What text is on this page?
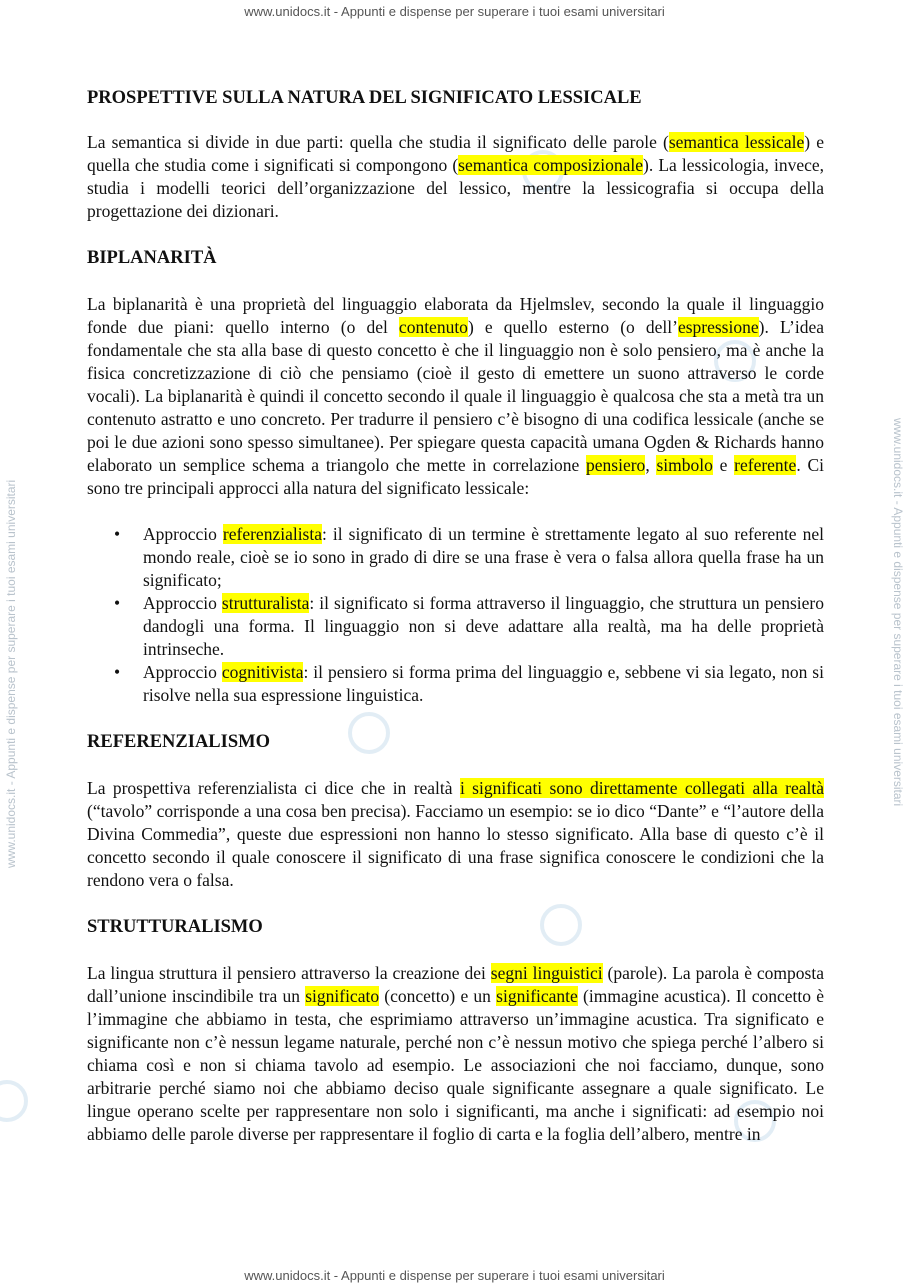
www.unidocs.it - Appunti e dispense per superare i tuoi esami universitari
www.unidocs.it - Appunti e dispense per superare i tuoi esami universitari	www.unidocs.it - Appunti e dispense per superare i tuoi esami universitari
PROSPETTIVE SULLA NATURA DEL SIGNIFICATO LESSICALE

La semantica si divide in due parti: quella che studia il significato delle parole (semantica lessicale) e quella che studia come i significati si compongono (semantica composizionale). La lessicologia, invece, studia i modelli teorici dell’organizzazione del lessico, mentre la lessicografia si occupa della progettazione dei dizionari.

BIPLANARITÀ

La biplanarità è una proprietà del linguaggio elaborata da Hjelmslev, secondo la quale il linguaggio fonde due piani: quello interno (o del contenuto) e quello esterno (o dell’espressione). L’idea fondamentale che sta alla base di questo concetto è che il linguaggio non è solo pensiero, ma è anche la fisica concretizzazione di ciò che pensiamo (cioè il gesto di emettere un suono attraverso le corde vocali). La biplanarità è quindi il concetto secondo il quale il linguaggio è qualcosa che sta a metà tra un contenuto astratto e uno concreto. Per tradurre il pensiero c’è bisogno di una codifica lessicale (anche se poi le due azioni sono spesso simultanee). Per spiegare questa capacità umana Ogden & Richards hanno elaborato un semplice schema a triangolo che mette in correlazione pensiero, simbolo e referente. Ci sono tre principali approcci alla natura del significato lessicale:

• Approccio referenzialista: il significato di un termine è strettamente legato al suo referente nel mondo reale, cioè se io sono in grado di dire se una frase è vera o falsa allora quella frase ha un significato;
• Approccio strutturalista: il significato si forma attraverso il linguaggio, che struttura un pensiero dandogli una forma. Il linguaggio non si deve adattare alla realtà, ma ha delle proprietà intrinseche.
• Approccio cognitivista: il pensiero si forma prima del linguaggio e, sebbene vi sia legato, non si risolve nella sua espressione linguistica.
REFERENZIALISMO

La prospettiva referenzialista ci dice che in realtà i significati sono direttamente collegati alla realtà (“tavolo” corrisponde a una cosa ben precisa). Facciamo un esempio: se io dico “Dante” e “l’autore della Divina Commedia”, queste due espressioni non hanno lo stesso significato. Alla base di questo c’è il concetto secondo il quale conoscere il significato di una frase significa conoscere le condizioni che la rendono vera o falsa.

STRUTTURALISMO

La lingua struttura il pensiero attraverso la creazione dei segni linguistici (parole). La parola è composta dall’unione inscindibile tra un significato (concetto) e un significante (immagine acustica). Il concetto è l’immagine che abbiamo in testa, che esprimiamo attraverso un’immagine acustica. Tra significato e significante non c’è nessun legame naturale, perché non c’è nessun motivo che spiega perché l’albero si chiama così e non si chiama tavolo ad esempio. Le associazioni che noi facciamo, dunque, sono arbitrarie perché siamo noi che abbiamo deciso quale significante assegnare a quale significato. Le lingue operano scelte per rappresentare non solo i significanti, ma anche i significati: ad esempio noi abbiamo delle parole diverse per rappresentare il foglio di carta e la foglia dell’albero, mentre in

www.unidocs.it - Appunti e dispense per superare i tuoi esami universitari
